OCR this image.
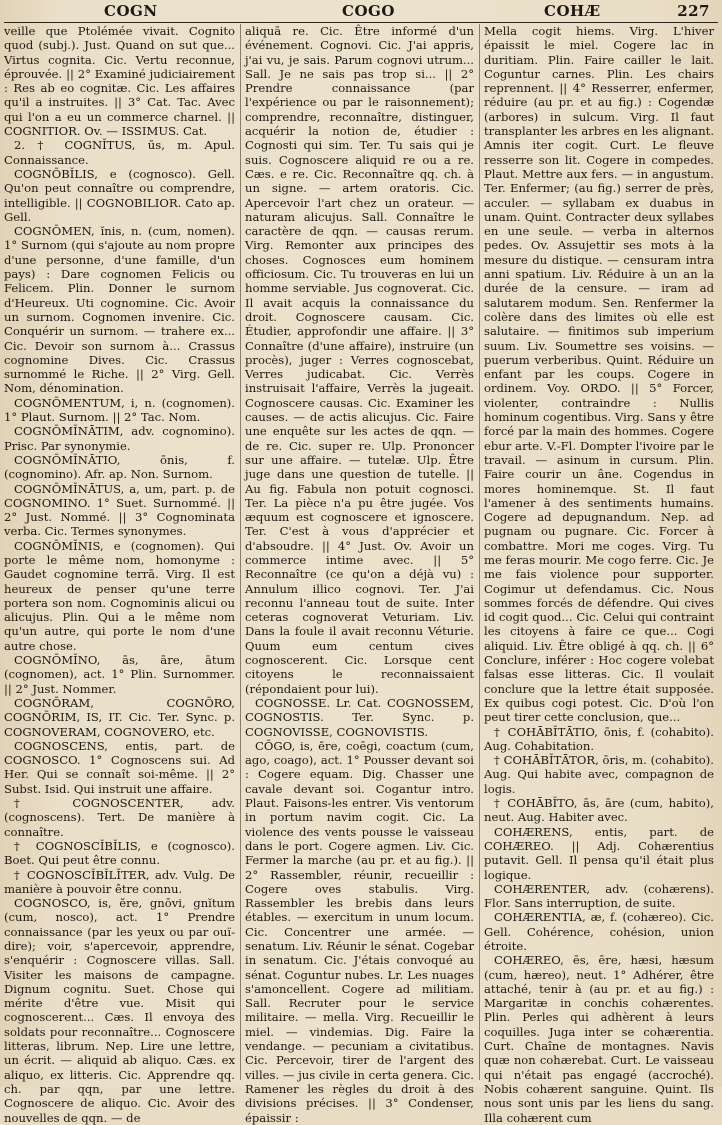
COGN	COGO	COHÆ	227

veille que Ptolémée vivait. Cognito quod (subj.). Just. Quand on sut que... Virtus cognita. Cic. Vertu reconnue, éprouvée. || 2° Examiné judiciairement : Res ab eo cognitæ. Cic. Les affaires qu'il a instruites. || 3° Cat. Tac. Avec qui l'on a eu un commerce charnel. || COGNITIOR. Ov. — ISSIMUS. Cat.

2. † COGNĬTUS, ūs, m. Apul. Connaissance.

COGNŌBĬLIS, e (cognosco). Gell. Qu'on peut connaître ou comprendre, intelligible. || COGNOBILIOR. Cato ap. Gell.

COGNŌMEN, ĭnis, n. (cum, nomen). 1° Surnom (qui s'ajoute au nom propre d'une personne, d'une famille, d'un pays) : Dare cognomen Felicis ou Felicem. Plin. Donner le surnom d'Heureux. Uti cognomine. Cic. Avoir un surnom. Cognomen invenire. Cic. Conquérir un surnom. — trahere ex... Cic. Devoir son surnom à... Crassus cognomine Dives. Cic. Crassus surnommé le Riche. || 2° Virg. Gell. Nom, dénomination.

COGNŌMENTUM, i, n. (cognomen). 1° Plaut. Surnom. || 2° Tac. Nom.

COGNŌMĬNĀTIM, adv. cognomino). Prisc. Par synonymie.

COGNŌMĬNĀTIO, ōnis, f. (cognomino). Afr. ap. Non. Surnom.

COGNŌMĬNĀTUS, a, um, part. p. de COGNOMINO. 1° Suet. Surnommé. || 2° Just. Nommé. || 3° Cognominata verba. Cic. Termes synonymes.

COGNŌMĬNIS, e (cognomen). Qui porte le même nom, homonyme : Gaudet cognomine terrā. Virg. Il est heureux de penser qu'une terre portera son nom. Cognominis alicui ou alicujus. Plin. Qui a le même nom qu'un autre, qui porte le nom d'une autre chose.

COGNŌMĬNO, ās, āre, ātum (cognomen), act. 1° Plin. Surnommer. || 2° Just. Nommer.

COGNŌRAM, COGNŌRO, COGNŌRIM, IS, IT. Cic. Ter. Sync. p. COGNOVERAM, COGNOVERO, etc.

COGNOSCENS, entis, part. de COGNOSCO. 1° Cognoscens sui. Ad Her. Qui se connaît soi-même. || 2° Subst. Isid. Qui instruit une affaire.

† COGNOSCENTER, adv. (cognoscens). Tert. De manière à connaître.

† COGNOSCĬBĬLIS, e (cognosco). Boet. Qui peut être connu.

† COGNOSCĬBĬLĬTER, adv. Vulg. De manière à pouvoir être connu.

COGNOSCO, is, ĕre, gnōvi, gnĭtum (cum, nosco), act. 1° Prendre connaissance (par les yeux ou par ouï-dire); voir, s'apercevoir, apprendre, s'enquérir : Cognoscere villas. Sall. Visiter les maisons de campagne. Dignum cognitu. Suet. Chose qui mérite d'être vue. Misit qui cognoscerent... Cæs. Il envoya des soldats pour reconnaître... Cognoscere litteras, librum. Nep. Lire une lettre, un écrit. — aliquid ab aliquo. Cæs. ex aliquo, ex litteris. Cic. Apprendre qq. ch. par qqn, par une lettre. Cognoscere de aliquo. Cic. Avoir des nouvelles de qqn. — de

aliquā re. Cic. Être informé d'un événement. Cognovi. Cic. J'ai appris, j'ai vu, je sais. Parum cognovi utrum... Sall. Je ne sais pas trop si... || 2° Prendre connaissance (par l'expérience ou par le raisonnement); comprendre, reconnaître, distinguer, acquérir la notion de, étudier : Cognosti qui sim. Ter. Tu sais qui je suis. Cognoscere aliquid re ou a re. Cæs. e re. Cic. Reconnaître qq. ch. à un signe. — artem oratoris. Cic. Apercevoir l'art chez un orateur. — naturam alicujus. Sall. Connaître le caractère de qqn. — causas rerum. Virg. Remonter aux principes des choses. Cognosces eum hominem officiosum. Cic. Tu trouveras en lui un homme serviable. Jus cognoverat. Cic. Il avait acquis la connaissance du droit. Cognoscere causam. Cic. Étudier, approfondir une affaire. || 3° Connaître (d'une affaire), instruire (un procès), juger : Verres cognoscebat, Verres judicabat. Cic. Verrès instruisait l'affaire, Verrès la jugeait. Cognoscere causas. Cic. Examiner les causes. — de actis alicujus. Cic. Faire une enquête sur les actes de qqn. — de re. Cic. super re. Ulp. Prononcer sur une affaire. — tutelæ. Ulp. Être juge dans une question de tutelle. || Au fig. Fabula non potuit cognosci. Ter. La pièce n'a pu être jugée. Vos æquum est cognoscere et ignoscere. Ter. C'est à vous d'apprécier et d'absoudre. || 4° Just. Ov. Avoir un commerce intime avec. || 5° Reconnaître (ce qu'on a déjà vu) : Annulum illico cognovi. Ter. J'ai reconnu l'anneau tout de suite. Inter ceteras cognoverat Veturiam. Liv. Dans la foule il avait reconnu Véturie. Quum eum centum cives cognoscerent. Cic. Lorsque cent citoyens le reconnaissaient (répondaient pour lui).

COGNOSSE. Lr. Cat. COGNOSSEM, COGNOSTIS. Ter. Sync. p. COGNOVISSE, COGNOVISTIS.

CŌGO, is, ĕre, coēgi, coactum (cum, ago, coago), act. 1° Pousser devant soi : Cogere equam. Dig. Chasser une cavale devant soi. Cogantur intro. Plaut. Faisons-les entrer. Vis ventorum in portum navim cogit. Cic. La violence des vents pousse le vaisseau dans le port. Cogere agmen. Liv. Cic. Fermer la marche (au pr. et au fig.). || 2° Rassembler, réunir, recueillir : Cogere oves stabulis. Virg. Rassembler les brebis dans leurs étables. — exercitum in unum locum. Cic. Concentrer une armée. — senatum. Liv. Réunir le sénat. Cogebar in senatum. Cic. J'étais convoqué au sénat. Coguntur nubes. Lr. Les nuages s'amoncellent. Cogere ad militiam. Sall. Recruter pour le service militaire. — mella. Virg. Recueillir le miel. — vindemias. Dig. Faire la vendange. — pecuniam a civitatibus. Cic. Percevoir, tirer de l'argent des villes. — jus civile in certa genera. Cic. Ramener les règles du droit à des divisions précises. || 3° Condenser, épaissir :

Mella cogit hiems. Virg. L'hiver épaissit le miel. Cogere lac in duritiam. Plin. Faire cailler le lait. Coguntur carnes. Plin. Les chairs reprennent. || 4° Resserrer, enfermer, réduire (au pr. et au fig.) : Cogendæ (arbores) in sulcum. Virg. Il faut transplanter les arbres en les alignant. Amnis iter cogit. Curt. Le fleuve resserre son lit. Cogere in compedes. Plaut. Mettre aux fers. — in angustum. Ter. Enfermer; (au fig.) serrer de près, acculer. — syllabam ex duabus in unam. Quint. Contracter deux syllabes en une seule. — verba in alternos pedes. Ov. Assujettir ses mots à la mesure du distique. — censuram intra anni spatium. Liv. Réduire à un an la durée de la censure. — iram ad salutarem modum. Sen. Renfermer la colère dans des limites où elle est salutaire. — finitimos sub imperium suum. Liv. Soumettre ses voisins. — puerum verberibus. Quint. Réduire un enfant par les coups. Cogere in ordinem. Voy. ORDO. || 5° Forcer, violenter, contraindre : Nullis hominum cogentibus. Virg. Sans y être forcé par la main des hommes. Cogere ebur arte. V.-Fl. Dompter l'ivoire par le travail. — asinum in cursum. Plin. Faire courir un âne. Cogendus in mores hominemque. St. Il faut l'amener à des sentiments humains. Cogere ad depugnandum. Nep. ad pugnam ou pugnare. Cic. Forcer à combattre. Mori me coges. Virg. Tu me feras mourir. Me cogo ferre. Cic. Je me fais violence pour supporter. Cogimur ut defendamus. Cic. Nous sommes forcés de défendre. Qui cives id cogit quod... Cic. Celui qui contraint les citoyens à faire ce que... Cogi aliquid. Liv. Être obligé à qq. ch. || 6° Conclure, inférer : Hoc cogere volebat falsas esse litteras. Cic. Il voulait conclure que la lettre était supposée. Ex quibus cogi potest. Cic. D'où l'on peut tirer cette conclusion, que...

† COHĀBĬTĀTIO, ōnis, f. (cohabito). Aug. Cohabitation.

† COHĀBĬTĀTOR, ōris, m. (cohabito). Aug. Qui habite avec, compagnon de logis.

† COHĀBĬTO, ās, āre (cum, habito), neut. Aug. Habiter avec.

COHÆRENS, entis, part. de COHÆREO. || Adj. Cohærentius putavit. Gell. Il pensa qu'il était plus logique.

COHÆRENTER, adv. (cohærens). Flor. Sans interruption, de suite.

COHÆRENTIA, æ, f. (cohæreo). Cic. Gell. Cohérence, cohésion, union étroite.

COHÆREO, ēs, ēre, hæsi, hæsum (cum, hæreo), neut. 1° Adhérer, être attaché, tenir à (au pr. et au fig.) : Margaritæ in conchis cohærentes. Plin. Perles qui adhèrent à leurs coquilles. Juga inter se cohærentia. Curt. Chaîne de montagnes. Navis quæ non cohærebat. Curt. Le vaisseau qui n'était pas engagé (accroché). Nobis cohærent sanguine. Quint. Ils nous sont unis par les liens du sang. Illa cohærent cum
